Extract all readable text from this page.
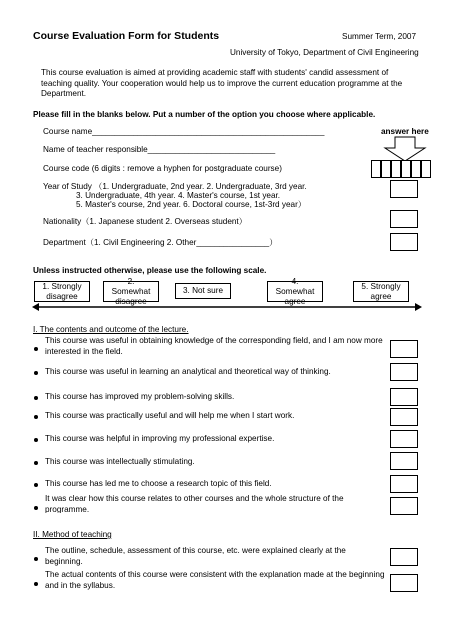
Course Evaluation Form for Students	Summer Term, 2007
University of Tokyo, Department of Civil Engineering
This course evaluation is aimed at providing academic staff with students' candid assessment of teaching quality. Your cooperation would help us to improve the current education programme at the Department.
Please fill in the blanks below. Put a number of the option you choose where applicable.
Course name___________________________________________________	answer here
Name of teacher responsible____________________________
Course code (6 digits : remove a hyphen for postgraduate course)
Year of Study （1. Undergraduate, 2nd year. 2. Undergraduate, 3rd year.
3. Undergraduate, 4th year. 4. Master's course, 1st year.
5. Master's course, 2nd year. 6. Doctoral course, 1st-3rd year）
Nationality（1. Japanese student 2. Overseas student）
Department（1. Civil Engineering 2. Other________________）
Unless instructed otherwise, please use the following scale.
1. Strongly disagree
2. Somewhat disagree
3. Not sure
4. Somewhat agree
5. Strongly agree
I. The contents and outcome of the lecture.
This course was useful in obtaining knowledge of the corresponding field, and I am now more interested in the field.
This course was useful in learning an analytical and theoretical way of thinking.
This course has improved my problem-solving skills.
This course was practically useful and will help me when I start work.
This course was helpful in improving my professional expertise.
This course was intellectually stimulating.
This course has led me to choose a research topic of this field.
It was clear how this course relates to other courses and the whole structure of the programme.
II. Method of teaching
The outline, schedule, assessment of this course, etc. were explained clearly at the beginning.
The actual contents of this course were consistent with the explanation made at the beginning and in the syllabus.
